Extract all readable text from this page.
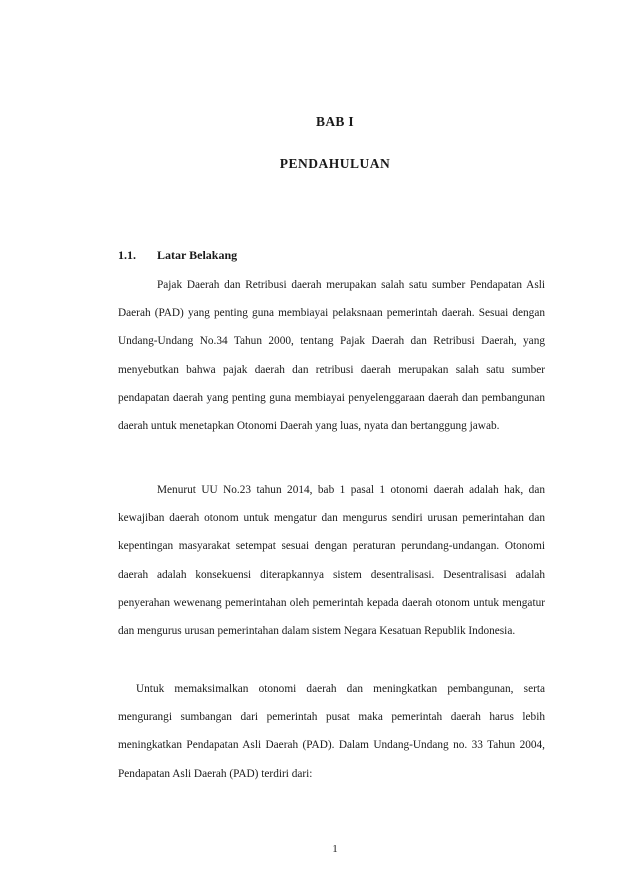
BAB I
PENDAHULUAN
1.1. Latar Belakang

Pajak Daerah dan Retribusi daerah merupakan salah satu sumber Pendapatan Asli Daerah (PAD) yang penting guna membiayai pelaksnaan pemerintah daerah. Sesuai dengan Undang-Undang No.34 Tahun 2000, tentang Pajak Daerah dan Retribusi Daerah, yang menyebutkan bahwa pajak daerah dan retribusi daerah merupakan salah satu sumber pendapatan daerah yang penting guna membiayai penyelenggaraan daerah dan pembangunan daerah untuk menetapkan Otonomi Daerah yang luas, nyata dan bertanggung jawab.

Menurut UU No.23 tahun 2014, bab 1 pasal 1 otonomi daerah adalah hak, dan kewajiban daerah otonom untuk mengatur dan mengurus sendiri urusan pemerintahan dan kepentingan masyarakat setempat sesuai dengan peraturan perundang-undangan. Otonomi daerah adalah konsekuensi diterapkannya sistem desentralisasi. Desentralisasi adalah penyerahan wewenang pemerintahan oleh pemerintah kepada daerah otonom untuk mengatur dan mengurus urusan pemerintahan dalam sistem Negara Kesatuan Republik Indonesia.

Untuk memaksimalkan otonomi daerah dan meningkatkan pembangunan, serta mengurangi sumbangan dari pemerintah pusat maka pemerintah daerah harus lebih meningkatkan Pendapatan Asli Daerah (PAD). Dalam Undang-Undang no. 33 Tahun 2004, Pendapatan Asli Daerah (PAD) terdiri dari:

1
